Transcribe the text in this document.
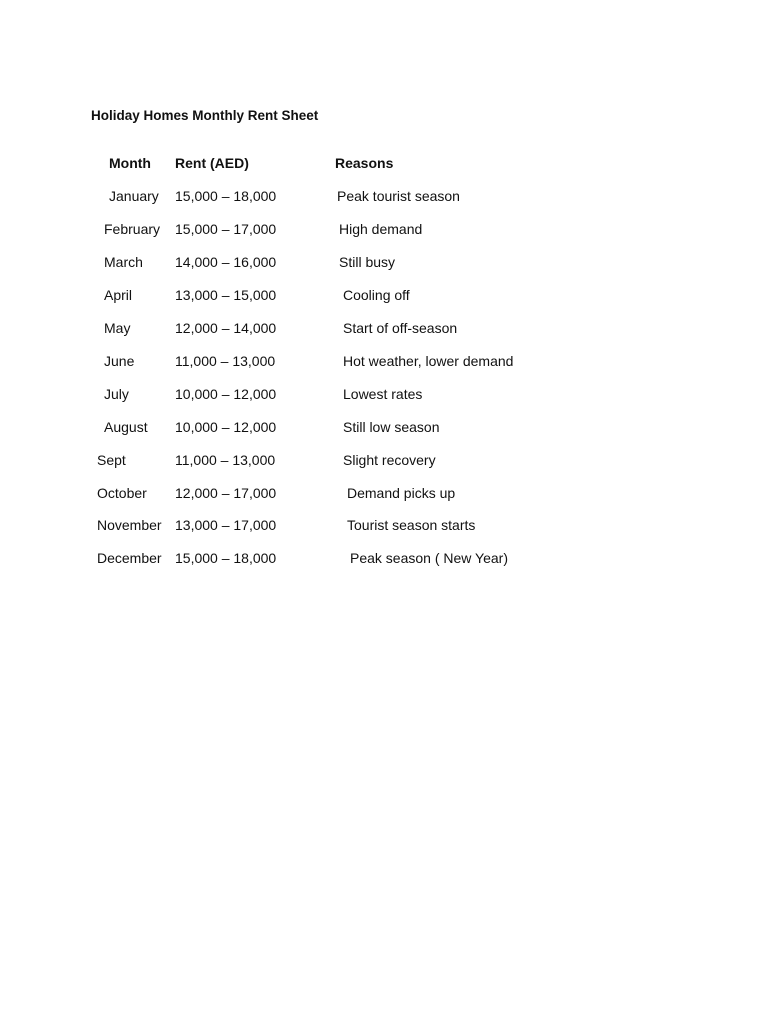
Holiday Homes Monthly Rent Sheet
Month Rent (AED)	Reasons
January 15,000 – 18,000	Peak tourist season
February 15,000 – 17,000	High demand
March 14,000 – 16,000	Still busy
April	13,000 – 15,000	Cooling off
May	12,000 – 14,000	Start of off-season
June	11,000 – 13,000	Hot weather, lower demand
July	10,000 – 12,000	Lowest rates
August 10,000 – 12,000	Still low season
Sept	11,000 – 13,000	Slight recovery
October 12,000 – 17,000	Demand picks up
November 13,000 – 17,000	Tourist season starts
December 15,000 – 18,000	Peak season ( New Year)
